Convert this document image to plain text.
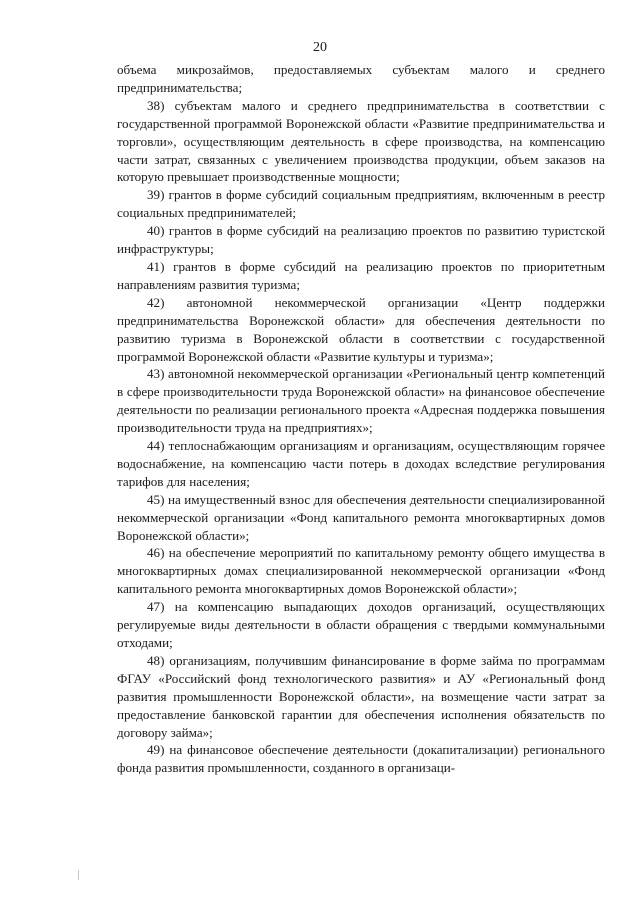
20

объема микрозаймов, предоставляемых субъектам малого и среднего предпринимательства;

38) субъектам малого и среднего предпринимательства в соответствии с государственной программой Воронежской области «Развитие предпринимательства и торговли», осуществляющим деятельность в сфере производства, на компенсацию части затрат, связанных с увеличением производства продукции, объем заказов на которую превышает производственные мощности;

39) грантов в форме субсидий социальным предприятиям, включенным в реестр социальных предпринимателей;

40) грантов в форме субсидий на реализацию проектов по развитию туристской инфраструктуры;

41) грантов в форме субсидий на реализацию проектов по приоритетным направлениям развития туризма;

42) автономной некоммерческой организации «Центр поддержки предпринимательства Воронежской области» для обеспечения деятельности по развитию туризма в Воронежской области в соответствии с государственной программой Воронежской области «Развитие культуры и туризма»;

43) автономной некоммерческой организации «Региональный центр компетенций в сфере производительности труда Воронежской области» на финансовое обеспечение деятельности по реализации регионального проекта «Адресная поддержка повышения производительности труда на предприятиях»;

44) теплоснабжающим организациям и организациям, осуществляющим горячее водоснабжение, на компенсацию части потерь в доходах вследствие регулирования тарифов для населения;

45) на имущественный взнос для обеспечения деятельности специализированной некоммерческой организации «Фонд капитального ремонта многоквартирных домов Воронежской области»;

46) на обеспечение мероприятий по капитальному ремонту общего имущества в многоквартирных домах специализированной некоммерческой организации «Фонд капитального ремонта многоквартирных домов Воронежской области»;

47) на компенсацию выпадающих доходов организаций, осуществляющих регулируемые виды деятельности в области обращения с твердыми коммунальными отходами;

48) организациям, получившим финансирование в форме займа по программам ФГАУ «Российский фонд технологического развития» и АУ «Региональный фонд развития промышленности Воронежской области», на возмещение части затрат за предоставление банковской гарантии для обеспечения исполнения обязательств по договору займа»;

49) на финансовое обеспечение деятельности (докапитализации) регионального фонда развития промышленности, созданного в организаци-
